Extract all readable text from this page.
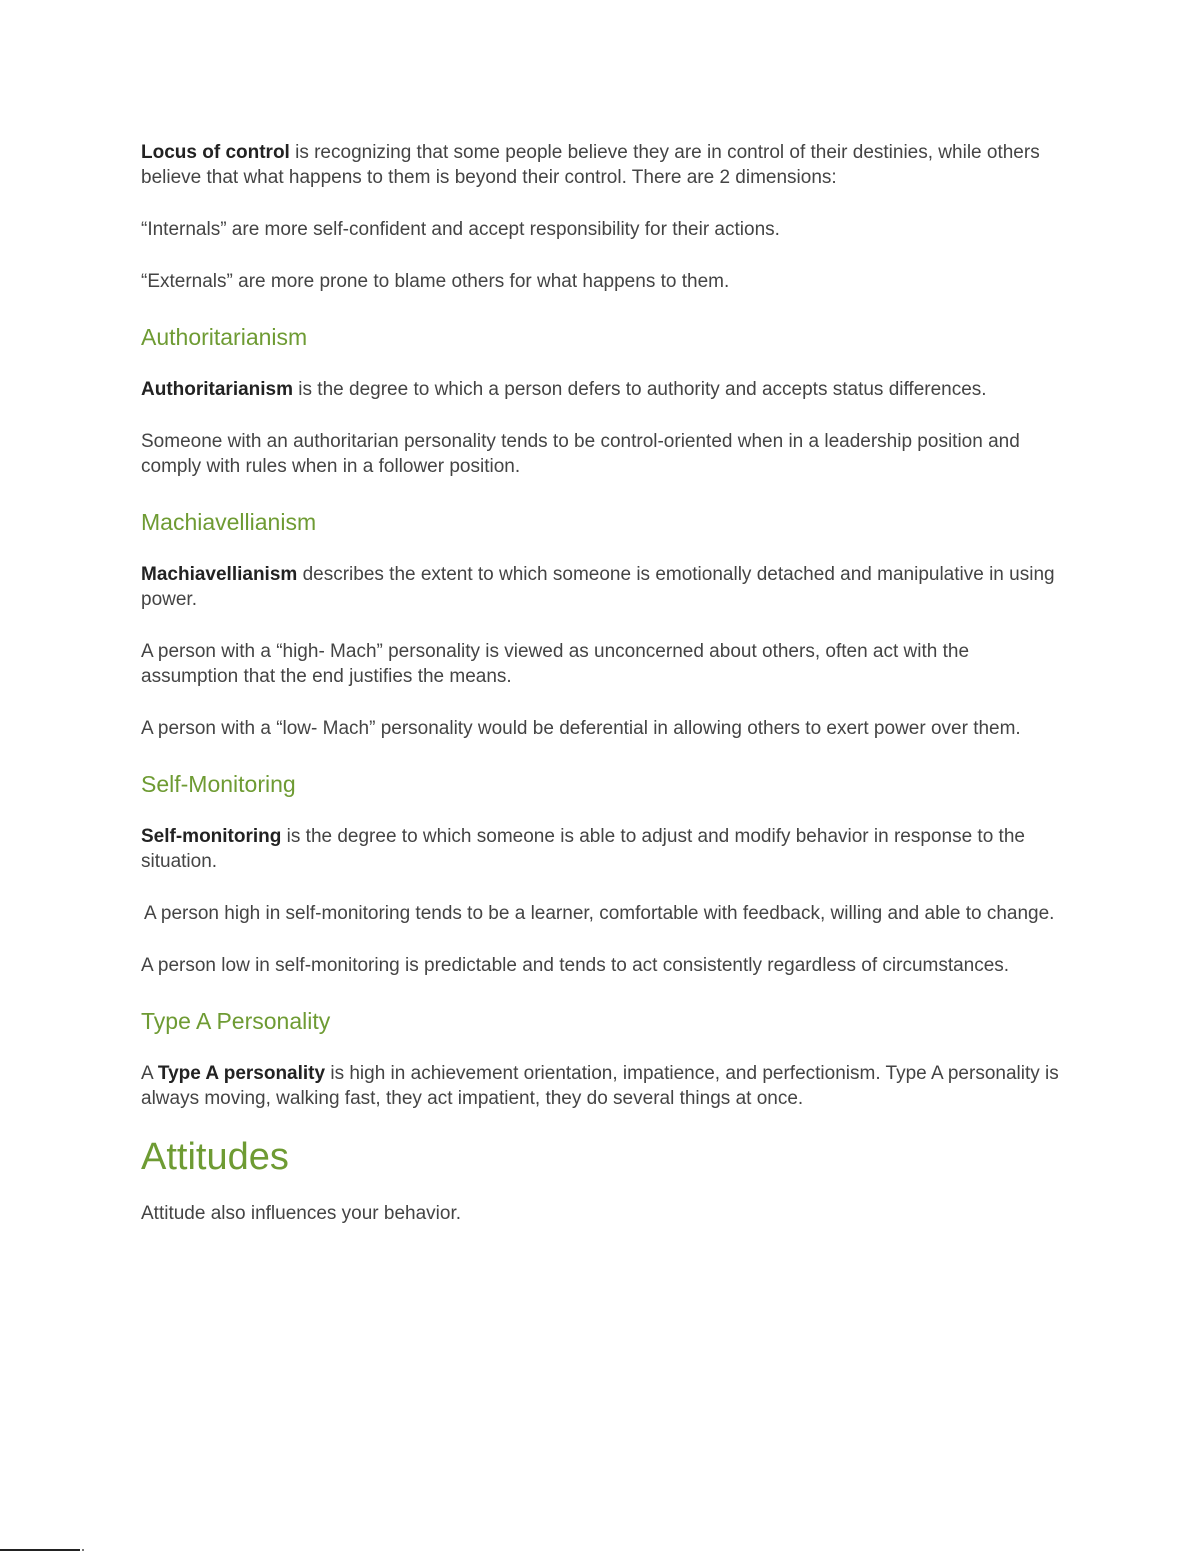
Locus of control is recognizing that some people believe they are in control of their destinies, while others believe that what happens to them is beyond their control. There are 2 dimensions:

“Internals” are more self-confident and accept responsibility for their actions.

“Externals” are more prone to blame others for what happens to them.

Authoritarianism

Authoritarianism is the degree to which a person defers to authority and accepts status differences.

Someone with an authoritarian personality tends to be control-oriented when in a leadership position and comply with rules when in a follower position.

Machiavellianism

Machiavellianism describes the extent to which someone is emotionally detached and manipulative in using power.

A person with a “high- Mach” personality is viewed as unconcerned about others, often act with the assumption that the end justifies the means.

A person with a “low- Mach” personality would be deferential in allowing others to exert power over them.

Self-Monitoring

Self-monitoring is the degree to which someone is able to adjust and modify behavior in response to the situation.

A person high in self-monitoring tends to be a learner, comfortable with feedback, willing and able to change.

A person low in self-monitoring is predictable and tends to act consistently regardless of circumstances.

Type A Personality

A Type A personality is high in achievement orientation, impatience, and perfectionism. Type A personality is always moving, walking fast, they act impatient, they do several things at once.

Attitudes

Attitude also influences your behavior.
